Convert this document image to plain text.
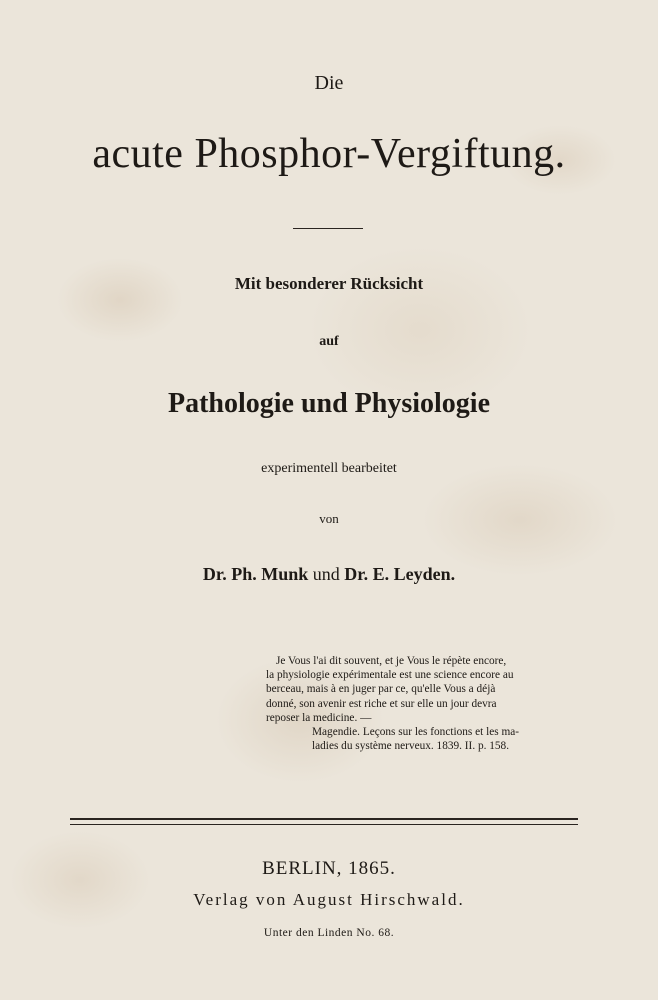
Die
acute Phosphor-Vergiftung.
Mit besonderer Rücksicht
auf
Pathologie und Physiologie
experimentell bearbeitet
von
Dr. Ph. Munk und Dr. E. Leyden.
Je Vous l'ai dit souvent, et je Vous le répète encore,
la physiologie expérimentale est une science encore au
berceau, mais à en juger par ce, qu'elle Vous a déjà
donné, son avenir est riche et sur elle un jour devra
reposer la medicine. —
Magendie. Leçons sur les fonctions et les ma-
ladies du système nerveux. 1839. II. p. 158.
BERLIN, 1865.
Verlag von August Hirschwald.
Unter den Linden No. 68.
